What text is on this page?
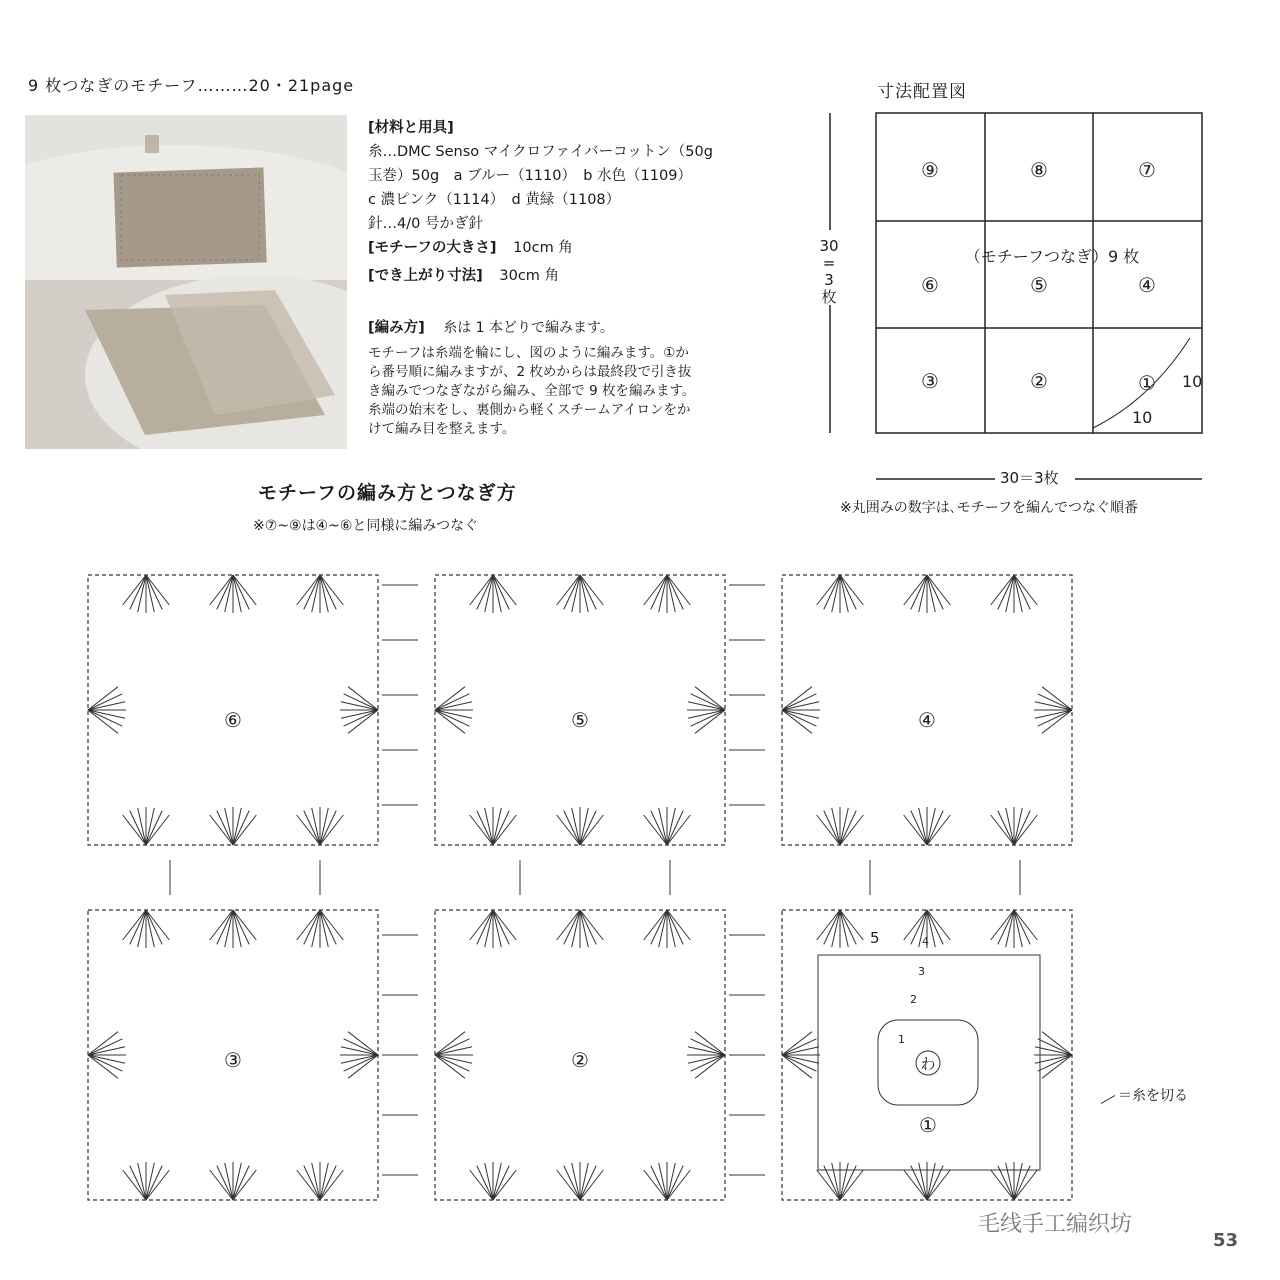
9 枚つなぎのモチーフ………20・21page
[材料と用具]
糸…DMC Senso マイクロファイバーコットン（50g
玉巻）50g　a ブルー（1110）　b 水色（1109）
c 濃ピンク（1114）　d 黄緑（1108）
針…4/0 号かぎ針
[モチーフの大きさ] 10cm 角
[でき上がり寸法] 30cm 角
[編み方] 糸は 1 本どりで編みます。
モチーフは糸端を輪にし、図のように編みます。①か
ら番号順に編みますが、2 枚めからは最終段で引き抜
き編みでつなぎながら編み、全部で 9 枚を編みます。
糸端の始末をし、裏側から軽くスチームアイロンをか
けて編み目を整えます。
寸法配置図
⑨	⑧	⑦
⑥	⑤	④
③	②	①
（モチーフつなぎ）9 枚
10
10
30
=
3
枚
30＝3枚
※丸囲みの数字は､モチーフを編んでつなぐ順番
モチーフの編み方とつなぎ方
※⑦~⑨は④~⑥と同様に編みつなぐ
⑥	⑤	④
③	②
①
わ
1
2
3
4
5
＝糸を切る
毛线手工编织坊
53
